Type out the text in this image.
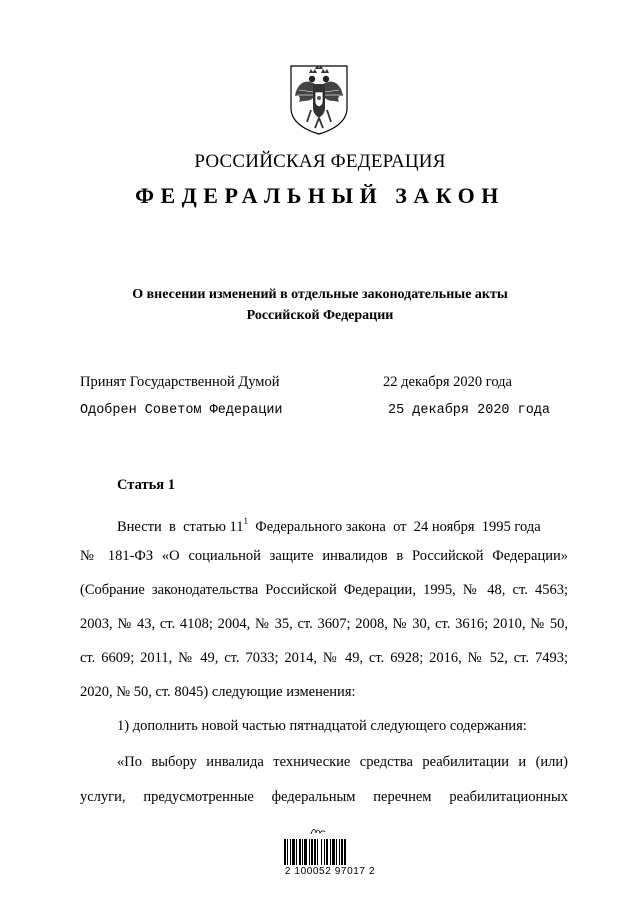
РОССИЙСКАЯ ФЕДЕРАЦИЯ
ФЕДЕРАЛЬНЫЙ ЗАКОН
О внесении изменений в отдельные законодательные акты
Российской Федерации
Принят Государственной Думой	22 декабря 2020 года
Одобрен Советом Федерации	25 декабря 2020 года
Статья 1
Внести  в  статью $11^1$  Федерального закона  от  24 ноября  1995 года
№ 181-ФЗ «О социальной защите инвалидов в Российской Федерации»
(Собрание законодательства Российской Федерации, 1995, № 48, ст. 4563;
2003, № 43, ст. 4108; 2004, № 35, ст. 3607; 2008, № 30, ст. 3616; 2010, № 50,
ст. 6609; 2011, № 49, ст. 7033; 2014, № 49, ст. 6928; 2016, № 52, ст. 7493;
2020, № 50, ст. 8045) следующие изменения:
1) дополнить новой частью пятнадцатой следующего содержания:
«По выбору инвалида технические средства реабилитации и (или)
услуги, предусмотренные федеральным перечнем реабилитационных
2 100052 97017 2
